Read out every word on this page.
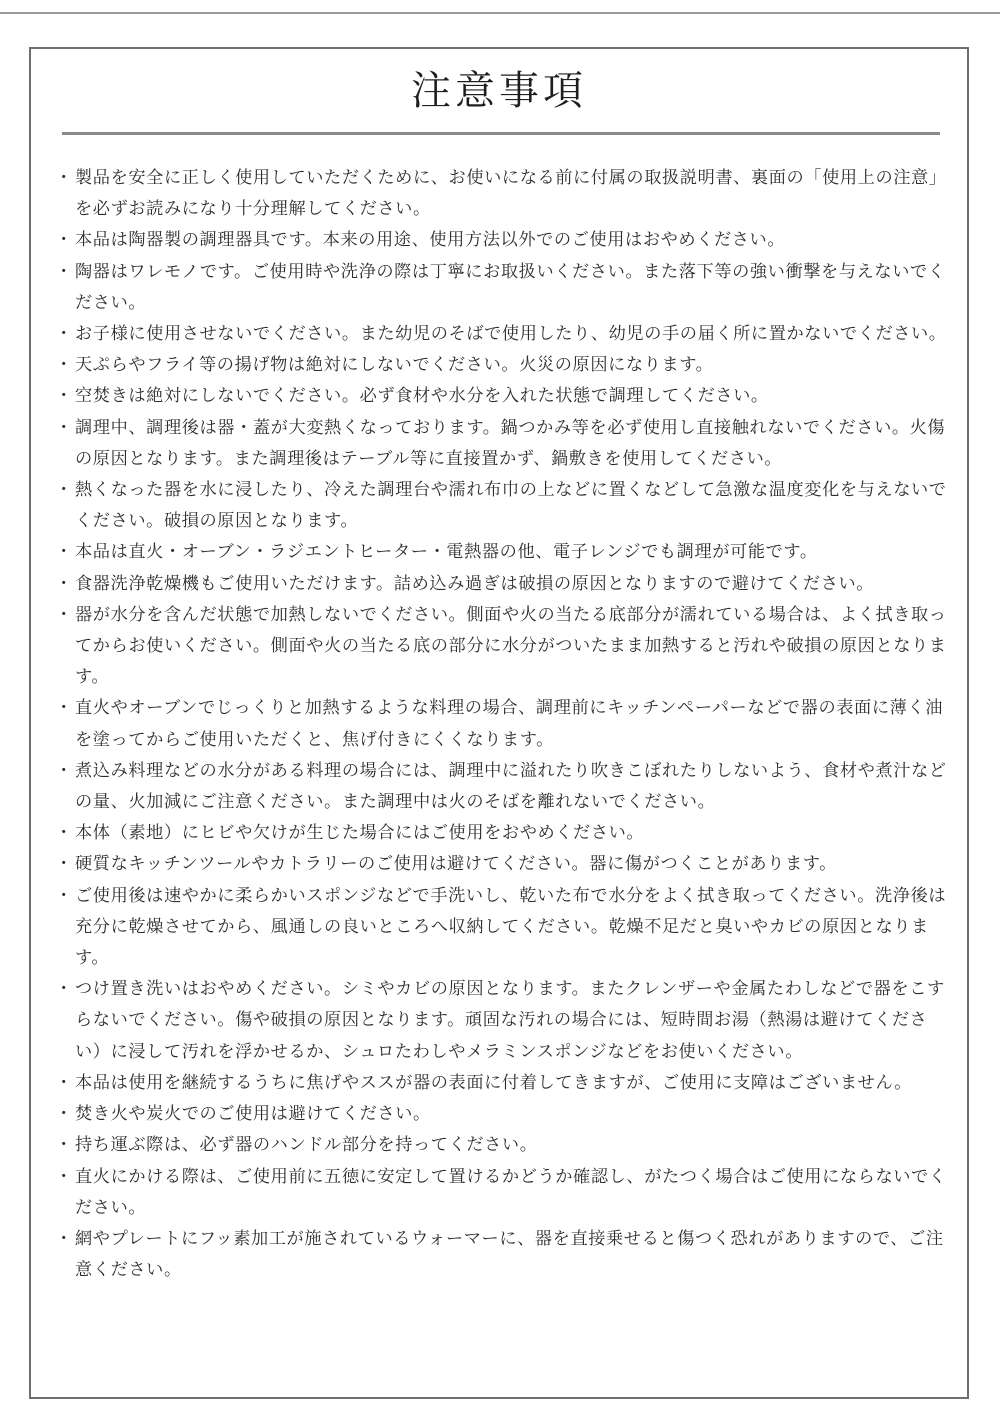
注意事項
・ 製品を安全に正しく使用していただくために、お使いになる前に付属の取扱説明書、裏面の「使用上の注意」を必ずお読みになり十分理解してください。
・ 本品は陶器製の調理器具です。本来の用途、使用方法以外でのご使用はおやめください。
・ 陶器はワレモノです。ご使用時や洗浄の際は丁寧にお取扱いください。また落下等の強い衝撃を与えないでください。
・ お子様に使用させないでください。また幼児のそばで使用したり、幼児の手の届く所に置かないでください。
・ 天ぷらやフライ等の揚げ物は絶対にしないでください。火災の原因になります。
・ 空焚きは絶対にしないでください。必ず食材や水分を入れた状態で調理してください。
・ 調理中、調理後は器・蓋が大変熱くなっております。鍋つかみ等を必ず使用し直接触れないでください。火傷の原因となります。また調理後はテーブル等に直接置かず、鍋敷きを使用してください。
・ 熱くなった器を水に浸したり、冷えた調理台や濡れ布巾の上などに置くなどして急激な温度変化を与えないでください。破損の原因となります。
・ 本品は直火・オーブン・ラジエントヒーター・電熱器の他、電子レンジでも調理が可能です。
・ 食器洗浄乾燥機もご使用いただけます。詰め込み過ぎは破損の原因となりますので避けてください。
・ 器が水分を含んだ状態で加熱しないでください。側面や火の当たる底部分が濡れている場合は、よく拭き取ってからお使いください。側面や火の当たる底の部分に水分がついたまま加熱すると汚れや破損の原因となります。
・ 直火やオーブンでじっくりと加熱するような料理の場合、調理前にキッチンペーパーなどで器の表面に薄く油を塗ってからご使用いただくと、焦げ付きにくくなります。
・ 煮込み料理などの水分がある料理の場合には、調理中に溢れたり吹きこぼれたりしないよう、食材や煮汁などの量、火加減にご注意ください。また調理中は火のそばを離れないでください。
・ 本体（素地）にヒビや欠けが生じた場合にはご使用をおやめください。
・ 硬質なキッチンツールやカトラリーのご使用は避けてください。器に傷がつくことがあります。
・ ご使用後は速やかに柔らかいスポンジなどで手洗いし、乾いた布で水分をよく拭き取ってください。洗浄後は充分に乾燥させてから、風通しの良いところへ収納してください。乾燥不足だと臭いやカビの原因となります。
・ つけ置き洗いはおやめください。シミやカビの原因となります。またクレンザーや金属たわしなどで器をこすらないでください。傷や破損の原因となります。頑固な汚れの場合には、短時間お湯（熱湯は避けてください）に浸して汚れを浮かせるか、シュロたわしやメラミンスポンジなどをお使いください。
・ 本品は使用を継続するうちに焦げやススが器の表面に付着してきますが、ご使用に支障はございません。
・ 焚き火や炭火でのご使用は避けてください。
・ 持ち運ぶ際は、必ず器のハンドル部分を持ってください。
・ 直火にかける際は、ご使用前に五徳に安定して置けるかどうか確認し、がたつく場合はご使用にならないでください。
・ 網やプレートにフッ素加工が施されているウォーマーに、器を直接乗せると傷つく恐れがありますので、ご注意ください。
